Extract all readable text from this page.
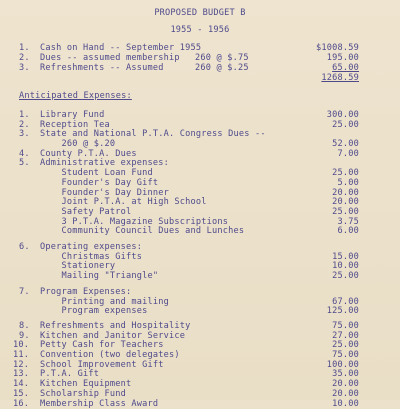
PROPOSED BUDGET B
1955 - 1956
1. Cash on Hand -- September 1955	$1008.59
2. Dues -- assumed membership 260 @ $.75	195.00
3. Refreshments -- Assumed	260 @ $.25	65.00
1268.59
Anticipated Expenses:
1. Library Fund	300.00
2. Reception Tea	25.00
3. State and National P.T.A. Congress Dues --
260 @ $.20	52.00
4. County P.T.A. Dues	7.00
5. Administrative expenses:
Student Loan Fund	25.00
Founder's Day Gift	5.00
Founder's Day Dinner	20.00
Joint P.T.A. at High School	20.00
Safety Patrol	25.00
3 P.T.A. Magazine Subscriptions	3.75
Community Council Dues and Lunches	6.00
6. Operating expenses:
Christmas Gifts	15.00
Stationery	10.00
Mailing "Triangle"	25.00
7. Program Expenses:
Printing and mailing	67.00
Program expenses	125.00
8. Refreshments and Hospitality	75.00
9. Kitchen and Janitor Service	27.00
10. Petty Cash for Teachers	25.00
11. Convention (two delegates)	75.00
12. School Improvement Gift	100.00
13. P.T.A. Gift	35.00
14. Kitchen Equipment	20.00
15. Scholarship Fund	20.00
16. Membership Class Award	10.00
